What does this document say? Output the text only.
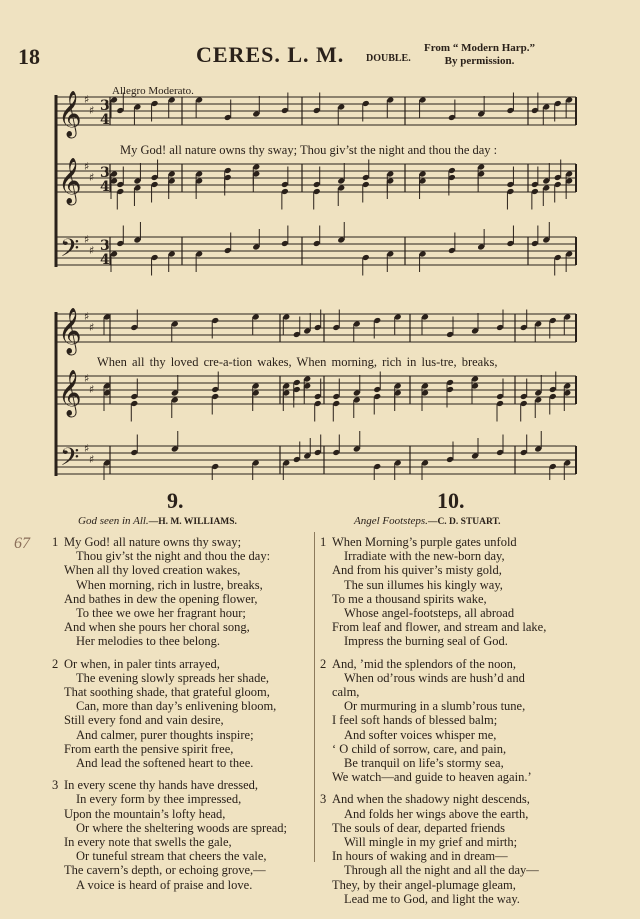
18	CERES. L. M. DOUBLE.
From “ Modern Harp.”
By permission.
Allegro Moderato.
𝄞 ♯
♯ 3
4
𝄞 ♯
♯ 3
4
𝄢 ♯
♯ 3
4
𝄞 ♯
♯
𝄞 ♯
♯
𝄢 ♯
♯
My God! all nature owns thy sway; Thou giv’st the night and thou the day :
When all thy loved cre-a-tion wakes, When morning, rich in lus-tre, breaks,
9.
God seen in All.—H. M. WILLIAMS.
1 My God! all nature owns thy sway;
Thou giv’st the night and thou the day:
When all thy loved creation wakes,
When morning, rich in lustre, breaks,
And bathes in dew the opening flower,
To thee we owe her fragrant hour;
And when she pours her choral song,
Her melodies to thee belong.
2 Or when, in paler tints arrayed,
The evening slowly spreads her shade,
That soothing shade, that grateful gloom,
Can, more than day’s enlivening bloom,
Still every fond and vain desire,
And calmer, purer thoughts inspire;
From earth the pensive spirit free,
And lead the softened heart to thee.
3 In every scene thy hands have dressed,
In every form by thee impressed,
Upon the mountain’s lofty head,
Or where the sheltering woods are spread;
In every note that swells the gale,
Or tuneful stream that cheers the vale,
The cavern’s depth, or echoing grove,—
A voice is heard of praise and love.
10.
Angel Footsteps.—C. D. STUART.
1 When Morning’s purple gates unfold
Irradiate with the new-born day,
And from his quiver’s misty gold,
The sun illumes his kingly way,
To me a thousand spirits wake,
Whose angel-footsteps, all abroad
From leaf and flower, and stream and lake,
Impress the burning seal of God.
2 And, ’mid the splendors of the noon,
When od’rous winds are hush’d and
calm,
Or murmuring in a slumb’rous tune,
I feel soft hands of blessed balm;
And softer voices whisper me,
‘ O child of sorrow, care, and pain,
Be tranquil on life’s stormy sea,
We watch—and guide to heaven again.’
3 And when the shadowy night descends,
And folds her wings above the earth,
The souls of dear, departed friends
Will mingle in my grief and mirth;
In hours of waking and in dream—
Through all the night and all the day—
They, by their angel-plumage gleam,
Lead me to God, and light the way.
67
